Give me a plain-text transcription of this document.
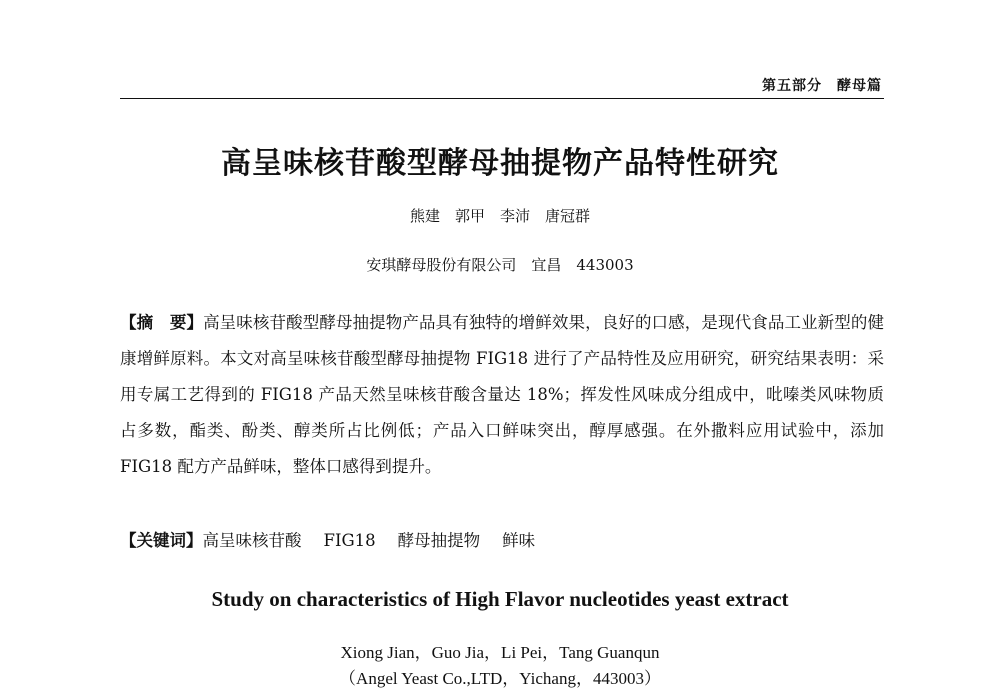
第五部分　酵母篇
高呈味核苷酸型酵母抽提物产品特性研究
熊建　郭甲　李沛　唐冠群
安琪酵母股份有限公司　宜昌　443003
【摘　要】高呈味核苷酸型酵母抽提物产品具有独特的增鲜效果，良好的口感，是现代食品工业新型的健康增鲜原料。本文对高呈味核苷酸型酵母抽提物 FIG18 进行了产品特性及应用研究，研究结果表明：采用专属工艺得到的 FIG18 产品天然呈味核苷酸含量达 18%；挥发性风味成分组成中，吡嗪类风味物质占多数，酯类、酚类、醇类所占比例低；产品入口鲜味突出，醇厚感强。在外撒料应用试验中，添加 FIG18 配方产品鲜味，整体口感得到提升。
【关键词】高呈味核苷酸 FIG18 酵母抽提物 鲜味
Study on characteristics of High Flavor nucleotides yeast extract
Xiong Jian，Guo Jia，Li Pei，Tang Guanqun
（Angel Yeast Co.,LTD，Yichang，443003）
